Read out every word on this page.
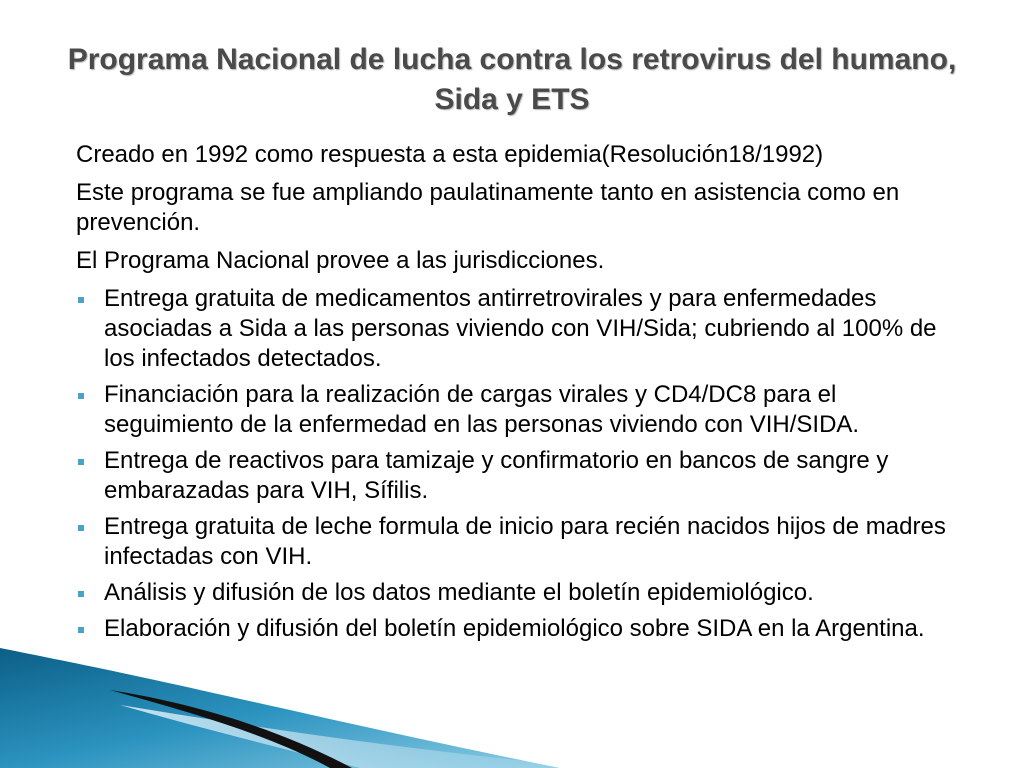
Programa Nacional de lucha contra los retrovirus del humano, Sida y ETS

Creado en 1992 como respuesta a esta epidemia(Resolución18/1992)

Este programa se fue ampliando paulatinamente tanto en asistencia como en prevención.

El Programa Nacional provee a las jurisdicciones.

Entrega gratuita de medicamentos antirretrovirales y para enfermedades asociadas a Sida a las personas viviendo con VIH/Sida; cubriendo al 100% de los infectados detectados.
Financiación para la realización de cargas virales y CD4/DC8 para el seguimiento de la enfermedad en las personas viviendo con VIH/SIDA.
Entrega de reactivos para tamizaje y confirmatorio en bancos de sangre y embarazadas para VIH, Sífilis.
Entrega gratuita de leche formula de inicio para recién nacidos hijos de madres infectadas con VIH.
Análisis y difusión de los datos mediante el boletín epidemiológico.
Elaboración y difusión del boletín epidemiológico sobre SIDA en la Argentina.
